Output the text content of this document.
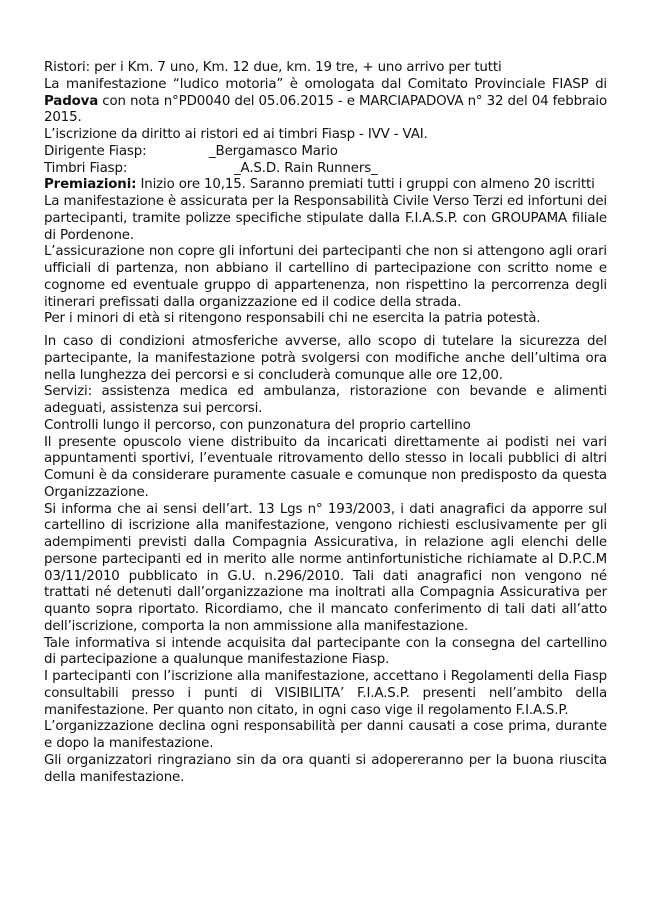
Ristori: per i Km. 7 uno, Km. 12 due, km. 19 tre, + uno arrivo per tutti

La manifestazione “ludico motoria” è omologata dal Comitato Provinciale FIASP di Padova con nota n°PD0040 del 05.06.2015 - e MARCIAPADOVA n° 32 del 04 febbraio 2015.

L’iscrizione da diritto ai ristori ed ai timbri Fiasp - IVV - VAI.

Dirigente Fiasp:	_Bergamasco Mario
Timbri Fiasp:	_A.S.D. Rain Runners_

Premiazioni: Inizio ore 10,15. Saranno premiati tutti i gruppi con almeno 20 iscritti

La manifestazione è assicurata per la Responsabilità Civile Verso Terzi ed infortuni dei partecipanti, tramite polizze specifiche stipulate dalla F.I.A.S.P. con GROUPAMA filiale di Pordenone.

L’assicurazione non copre gli infortuni dei partecipanti che non si attengono agli orari ufficiali di partenza, non abbiano il cartellino di partecipazione con scritto nome e cognome ed eventuale gruppo di appartenenza, non rispettino la percorrenza degli itinerari prefissati dalla organizzazione ed il codice della strada.

Per i minori di età si ritengono responsabili chi ne esercita la patria potestà.

In caso di condizioni atmosferiche avverse, allo scopo di tutelare la sicurezza del partecipante, la manifestazione potrà svolgersi con modifiche anche dell’ultima ora nella lunghezza dei percorsi e si concluderà comunque alle ore 12,00.

Servizi: assistenza medica ed ambulanza, ristorazione con bevande e alimenti adeguati, assistenza sui percorsi.

Controlli lungo il percorso, con punzonatura del proprio cartellino

Il presente opuscolo viene distribuito da incaricati direttamente ai podisti nei vari appuntamenti sportivi, l’eventuale ritrovamento dello stesso in locali pubblici di altri Comuni è da considerare puramente casuale e comunque non predisposto da questa Organizzazione.

Si informa che ai sensi dell’art. 13 Lgs n° 193/2003, i dati anagrafici da apporre sul cartellino di iscrizione alla manifestazione, vengono richiesti esclusivamente per gli adempimenti previsti dalla Compagnia Assicurativa, in relazione agli elenchi delle persone partecipanti ed in merito alle norme antinfortunistiche richiamate al D.P.C.M 03/11/2010 pubblicato in G.U. n.296/2010. Tali dati anagrafici non vengono né trattati né detenuti dall’organizzazione ma inoltrati alla Compagnia Assicurativa per quanto sopra riportato. Ricordiamo, che il mancato conferimento di tali dati all’atto dell’iscrizione, comporta la non ammissione alla manifestazione.

Tale informativa si intende acquisita dal partecipante con la consegna del cartellino di partecipazione a qualunque manifestazione Fiasp.

I partecipanti con l’iscrizione alla manifestazione, accettano i Regolamenti della Fiasp consultabili presso i punti di VISIBILITA’ F.I.A.S.P. presenti nell’ambito della manifestazione. Per quanto non citato, in ogni caso vige il regolamento F.I.A.S.P.

L’organizzazione declina ogni responsabilità per danni causati a cose prima, durante e dopo la manifestazione.

Gli organizzatori ringraziano sin da ora quanti si adopereranno per la buona riuscita della manifestazione.
